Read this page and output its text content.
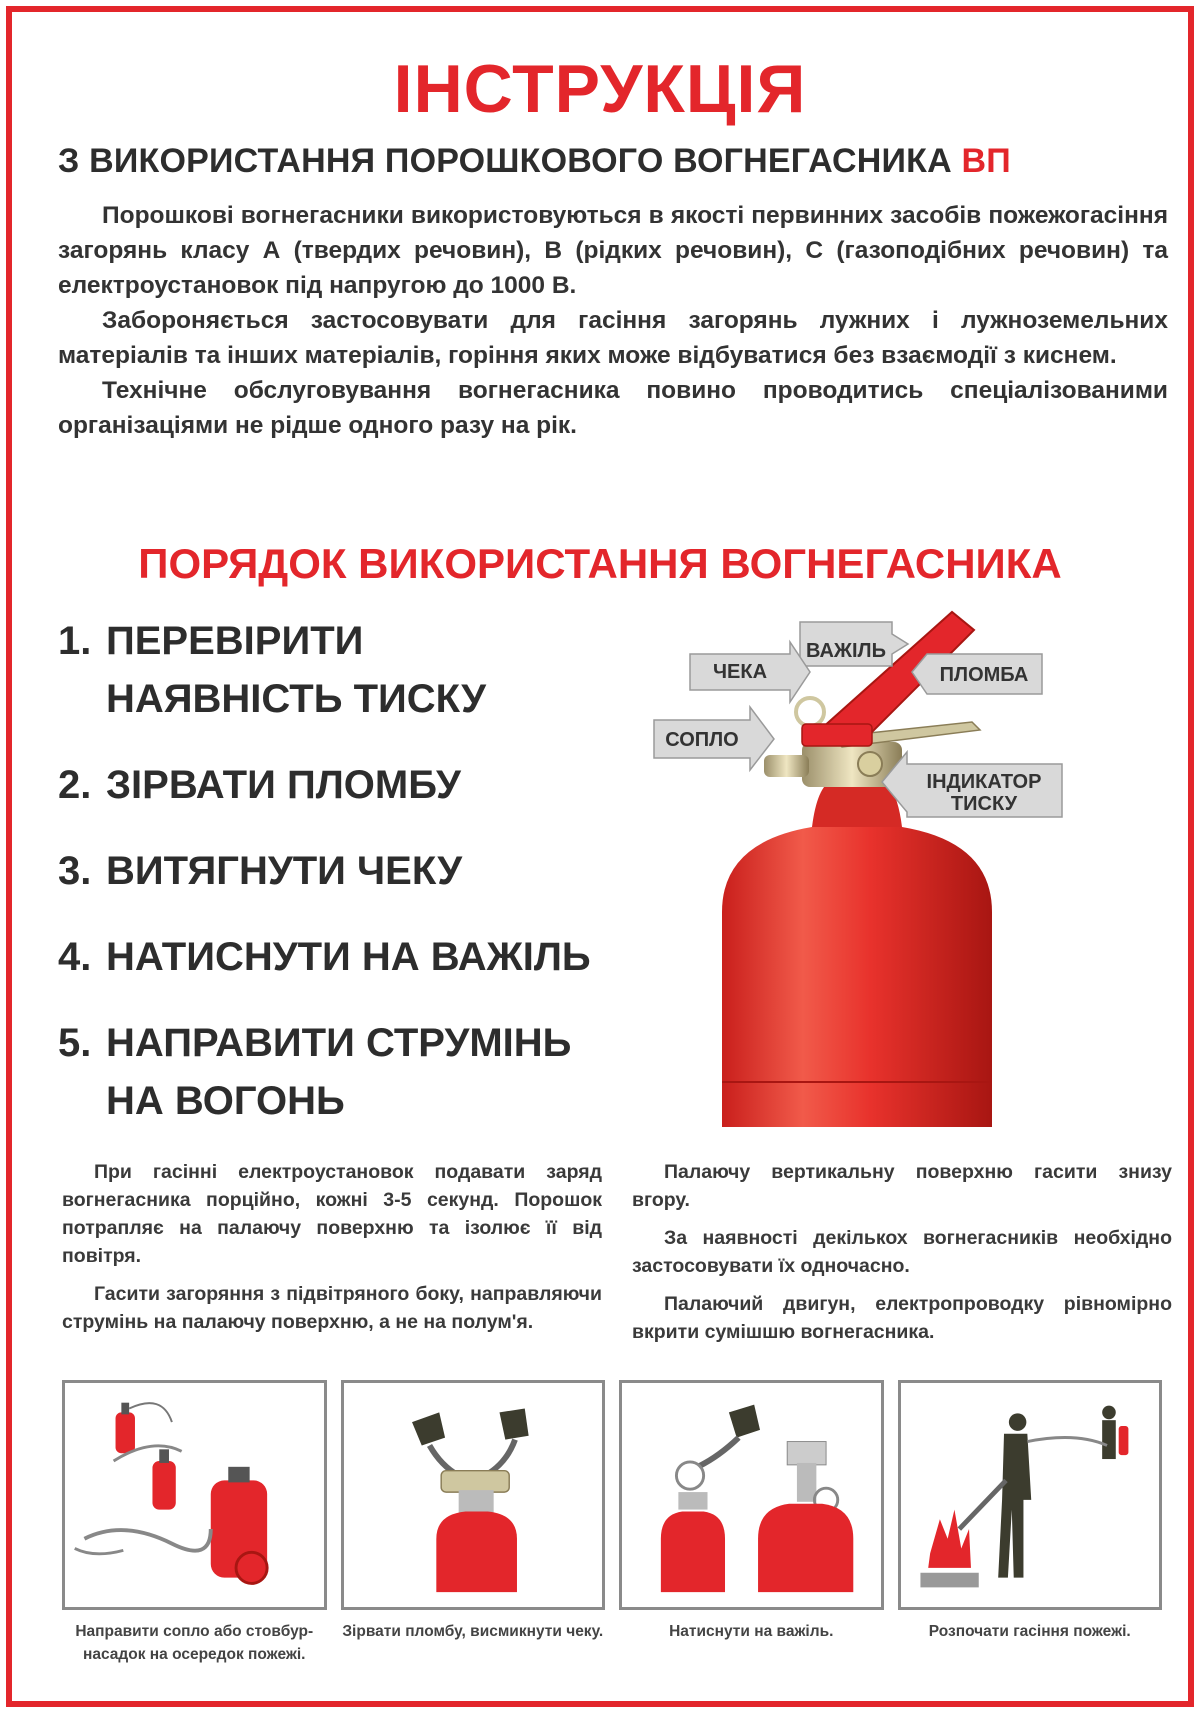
ІНСТРУКЦІЯ
З ВИКОРИСТАННЯ ПОРОШКОВОГО ВОГНЕГАСНИКА ВП

Порошкові вогнегасники використовуються в якості первинних засобів пожежогасіння загорянь класу А (твердих речовин), В (рідких речовин), С (газоподібних речовин) та електроустановок під напругою до 1000 В.

Забороняється застосовувати для гасіння загорянь лужних і лужноземельних матеріалів та інших матеріалів, горіння яких може відбуватися без взаємодії з киснем.

Технічне обслуговування вогнегасника повино проводитись спеціалізованими організаціями не рідше одного разу на рік.

ПОРЯДОК ВИКОРИСТАННЯ ВОГНЕГАСНИКА
1. ПЕРЕВІРИТИ
НАЯВНІСТЬ ТИСКУ
2. ЗІРВАТИ ПЛОМБУ
3. ВИТЯГНУТИ ЧЕКУ
4. НАТИСНУТИ НА ВАЖІЛЬ
5. НАПРАВИТИ СТРУМІНЬ
НА ВОГОНЬ
ВАЖІЛЬ
ЧЕКА	ПЛОМБА
СОПЛО
ІНДИКАТОР
ТИСКУ

При гасінні електроустановок подавати заряд вогнегасника порційно, кожні 3-5 секунд. Порошок потрапляє на палаючу поверхню та ізолює її від повітря.

Гасити загоряння з підвітряного боку, направляючи струмінь на палаючу поверхню, а не на полум'я.

Палаючу вертикальну поверхню гасити знизу вгору.

За наявності декількох вогнегасників необхідно застосовувати їх одночасно.

Палаючий двигун, електропроводку рівномірно вкрити сумішшю вогнегасника.

Направити сопло або стовбур-насадок на осередок пожежі.
Зірвати пломбу, висмикнути чеку.	Натиснути на важіль.	Розпочати гасіння пожежі.
